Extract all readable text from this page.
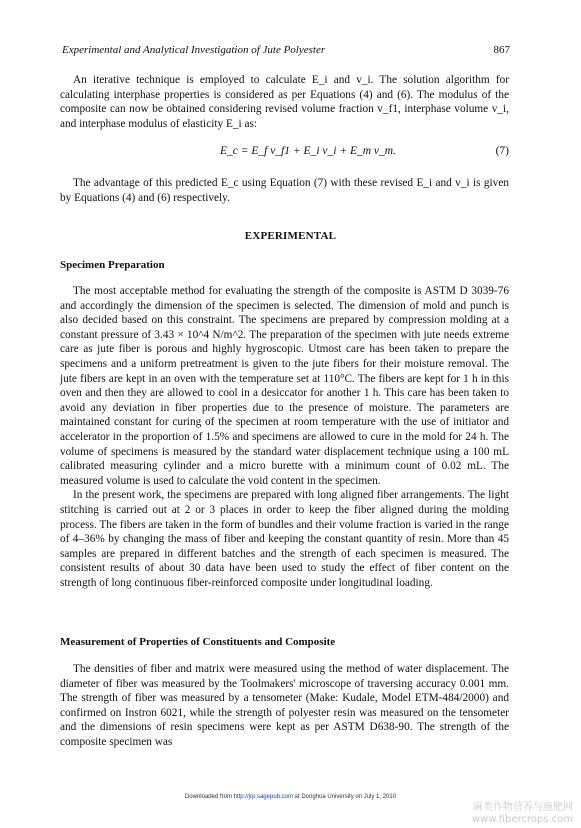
Experimental and Analytical Investigation of Jute Polyester	867

An iterative technique is employed to calculate E_i and v_i. The solution algorithm for calculating interphase properties is considered as per Equations (4) and (6). The modulus of the composite can now be obtained considering revised volume fraction v_f1, interphase volume v_i, and interphase modulus of elasticity E_i as:

E_c = E_f v_f1 + E_i v_i + E_m v_m.	(7)

The advantage of this predicted E_c using Equation (7) with these revised E_i and v_i is given by Equations (4) and (6) respectively.

EXPERIMENTAL
Specimen Preparation

The most acceptable method for evaluating the strength of the composite is ASTM D 3039-76 and accordingly the dimension of the specimen is selected. The dimension of mold and punch is also decided based on this constraint. The specimens are prepared by compression molding at a constant pressure of 3.43 × 10^4 N/m^2. The preparation of the specimen with jute needs extreme care as jute fiber is porous and highly hygroscopic. Utmost care has been taken to prepare the specimens and a uniform pretreatment is given to the jute fibers for their moisture removal. The jute fibers are kept in an oven with the temperature set at 110°C. The fibers are kept for 1 h in this oven and then they are allowed to cool in a desiccator for another 1 h. This care has been taken to avoid any deviation in fiber properties due to the presence of moisture. The parameters are maintained constant for curing of the specimen at room temperature with the use of initiator and accelerator in the proportion of 1.5% and specimens are allowed to cure in the mold for 24 h. The volume of specimens is measured by the standard water displacement technique using a 100 mL calibrated measuring cylinder and a micro burette with a minimum count of 0.02 mL. The measured volume is used to calculate the void content in the specimen.

In the present work, the specimens are prepared with long aligned fiber arrangements. The light stitching is carried out at 2 or 3 places in order to keep the fiber aligned during the molding process. The fibers are taken in the form of bundles and their volume fraction is varied in the range of 4–36% by changing the mass of fiber and keeping the constant quantity of resin. More than 45 samples are prepared in different batches and the strength of each specimen is measured. The consistent results of about 30 data have been used to study the effect of fiber content on the strength of long continuous fiber-reinforced composite under longitudinal loading.

Measurement of Properties of Constituents and Composite

The densities of fiber and matrix were measured using the method of water displacement. The diameter of fiber was measured by the Toolmakers' microscope of traversing accuracy 0.001 mm. The strength of fiber was measured by a tensometer (Make: Kudale, Model ETM-484/2000) and confirmed on Instron 6021, while the strength of polyester resin was measured on the tensometer and the dimensions of resin specimens were kept as per ASTM D638-90. The strength of the composite specimen was

Downloaded from http://jrp.sagepub.com at Donghua University on July 1, 2010
麻类作物营养与施肥网
www.fibercrops.com
